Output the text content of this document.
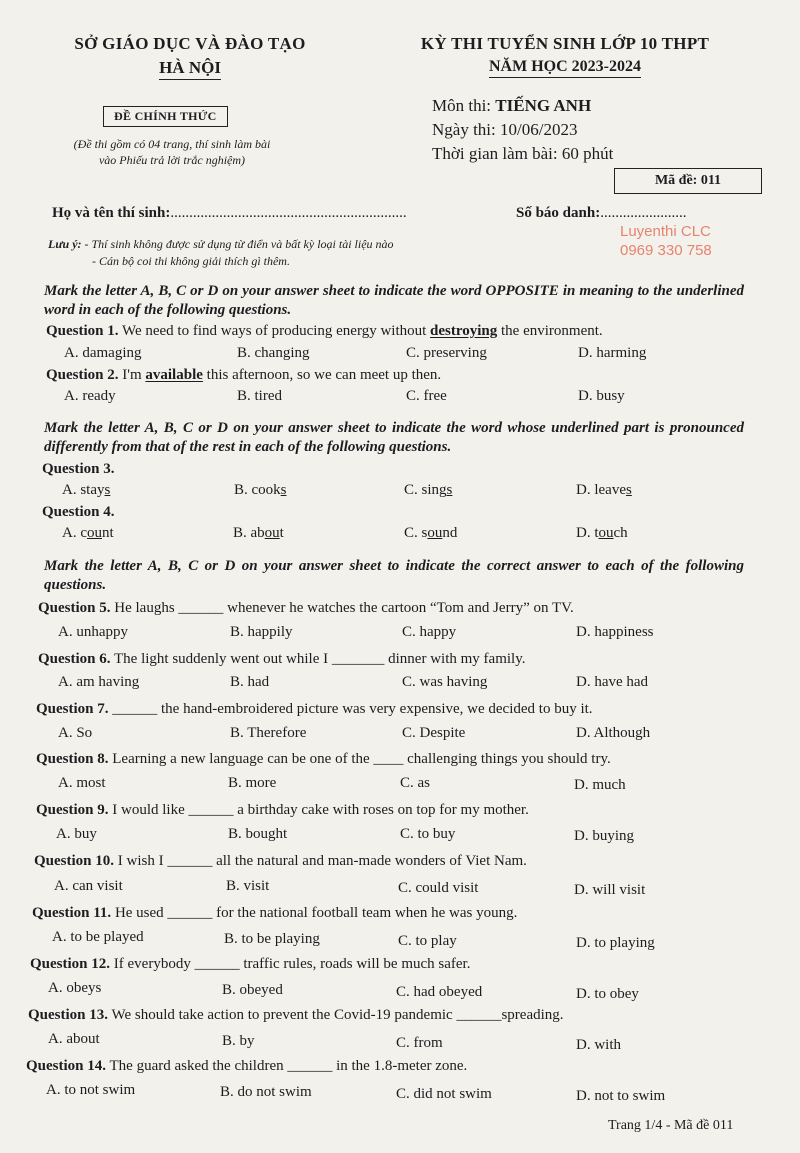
SỞ GIÁO DỤC VÀ ĐÀO TẠO
HÀ NỘI
ĐỀ CHÍNH THỨC
(Đề thi gồm có 04 trang, thí sinh làm bài
vào Phiếu trả lời trắc nghiệm)
KỲ THI TUYỂN SINH LỚP 10 THPT
NĂM HỌC 2023-2024
Môn thi: TIẾNG ANH
Ngày thi: 10/06/2023
Thời gian làm bài: 60 phút
Mã đề: 011
Họ và tên thí sinh:...............................................................	Số báo danh:.......................
Luyenthi CLC
0969 330 758
Lưu ý: - Thí sinh không được sử dụng từ điển và bất kỳ loại tài liệu nào
- Cán bộ coi thi không giải thích gì thêm.
Mark the letter A, B, C or D on your answer sheet to indicate the word OPPOSITE in meaning to the underlined word in each of the following questions.
Question 1. We need to find ways of producing energy without destroying the environment.
A. damaging	B. changing	C. preserving	D. harming
Question 2. I'm available this afternoon, so we can meet up then.
A. ready	B. tired	C. free	D. busy
Mark the letter A, B, C or D on your answer sheet to indicate the word whose underlined part is pronounced differently from that of the rest in each of the following questions.
Question 3.
A. stays	B. cooks	C. sings	D. leaves
Question 4.
A. count	B. about	C. sound	D. touch
Mark the letter A, B, C or D on your answer sheet to indicate the correct answer to each of the following questions.
Question 5. He laughs ______ whenever he watches the cartoon “Tom and Jerry” on TV.
A. unhappy	B. happily	C. happy	D. happiness
Question 6. The light suddenly went out while I _______ dinner with my family.
A. am having	B. had	C. was having	D. have had
Question 7. ______ the hand-embroidered picture was very expensive, we decided to buy it.
A. So	B. Therefore	C. Despite	D. Although
Question 8. Learning a new language can be one of the ____ challenging things you should try.
A. most	B. more	C. as	D. much
Question 9. I would like ______ a birthday cake with roses on top for my mother.
A. buy	B. bought	C. to buy	D. buying
Question 10. I wish I ______ all the natural and man-made wonders of Viet Nam.
A. can visit	B. visit	C. could visit	D. will visit
Question 11. He used ______ for the national football team when he was young.
A. to be played	B. to be playing	C. to play	D. to playing
Question 12. If everybody ______ traffic rules, roads will be much safer.
A. obeys	B. obeyed	C. had obeyed	D. to obey
Question 13. We should take action to prevent the Covid-19 pandemic ______spreading.
A. about	B. by	C. from	D. with
Question 14. The guard asked the children ______ in the 1.8-meter zone.
A. to not swim	B. do not swim	C. did not swim	D. not to swim
Trang 1/4 - Mã đề 011
